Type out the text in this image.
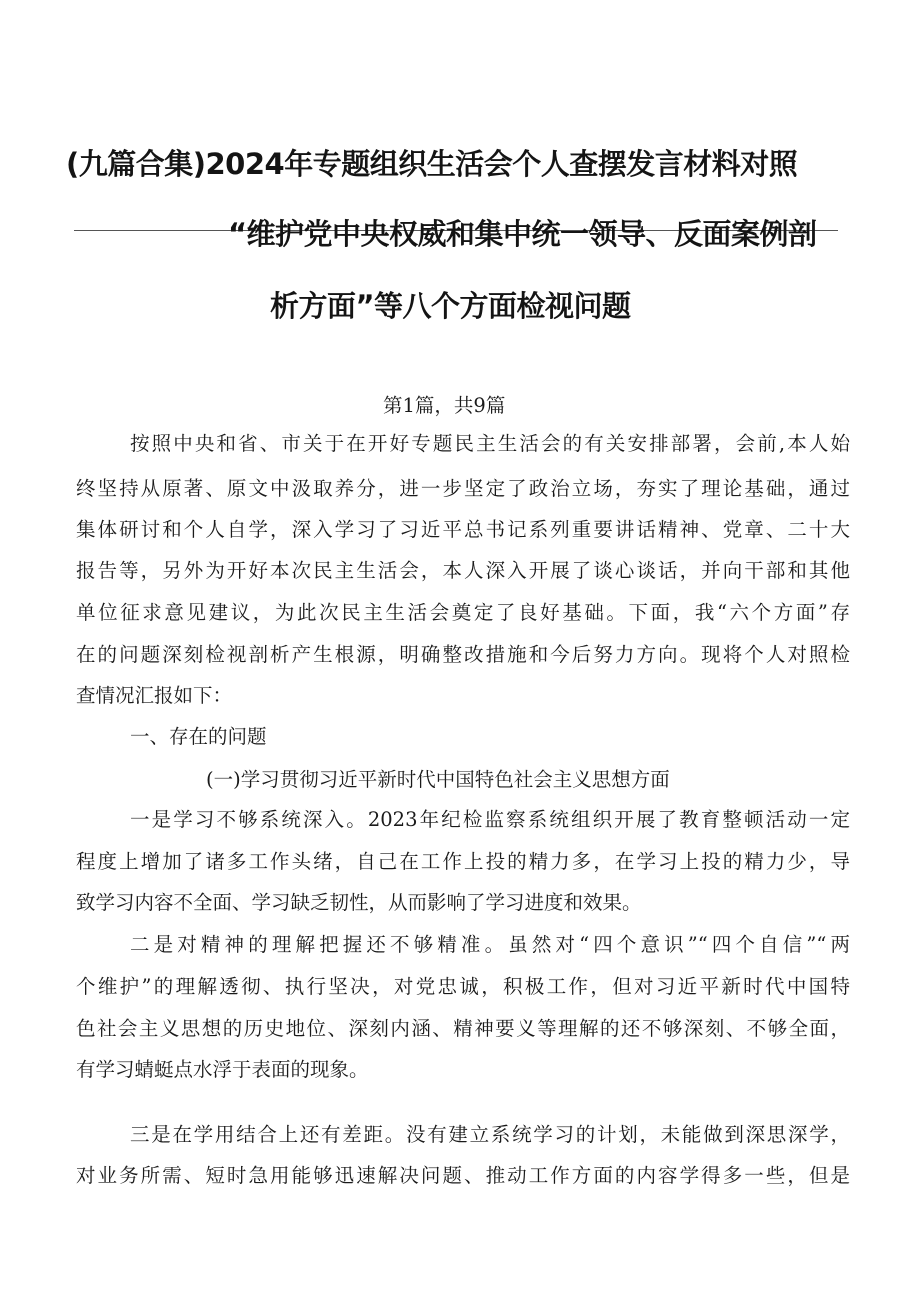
(九篇合集)2024年专题组织生活会个人查摆发言材料对照
“维护党中央权威和集中统一领导、反面案例剖
析方面”等八个方面检视问题
第1篇，共9篇
按照中央和省、市关于在开好专题民主生活会的有关安排部署，会前,本人始
终坚持从原著、原文中汲取养分，进一步坚定了政治立场，夯实了理论基础，通过
集体研讨和个人自学，深入学习了习近平总书记系列重要讲话精神、党章、二十大
报告等，另外为开好本次民主生活会，本人深入开展了谈心谈话，并向干部和其他
单位征求意见建议，为此次民主生活会奠定了良好基础。下面，我“六个方面”存
在的问题深刻检视剖析产生根源，明确整改措施和今后努力方向。现将个人对照检
查情况汇报如下：
一、存在的问题
(一)学习贯彻习近平新时代中国特色社会主义思想方面
一是学习不够系统深入。2023年纪检监察系统组织开展了教育整顿活动一定
程度上增加了诸多工作头绪，自己在工作上投的精力多，在学习上投的精力少，导
致学习内容不全面、学习缺乏韧性，从而影响了学习进度和效果。
二是对精神的理解把握还不够精准。虽然对“四个意识”“四个自信”“两
个维护”的理解透彻、执行坚决，对党忠诚，积极工作，但对习近平新时代中国特
色社会主义思想的历史地位、深刻内涵、精神要义等理解的还不够深刻、不够全面，
有学习蜻蜓点水浮于表面的现象。
三是在学用结合上还有差距。没有建立系统学习的计划，未能做到深思深学，
对业务所需、短时急用能够迅速解决问题、推动工作方面的内容学得多一些，但是
